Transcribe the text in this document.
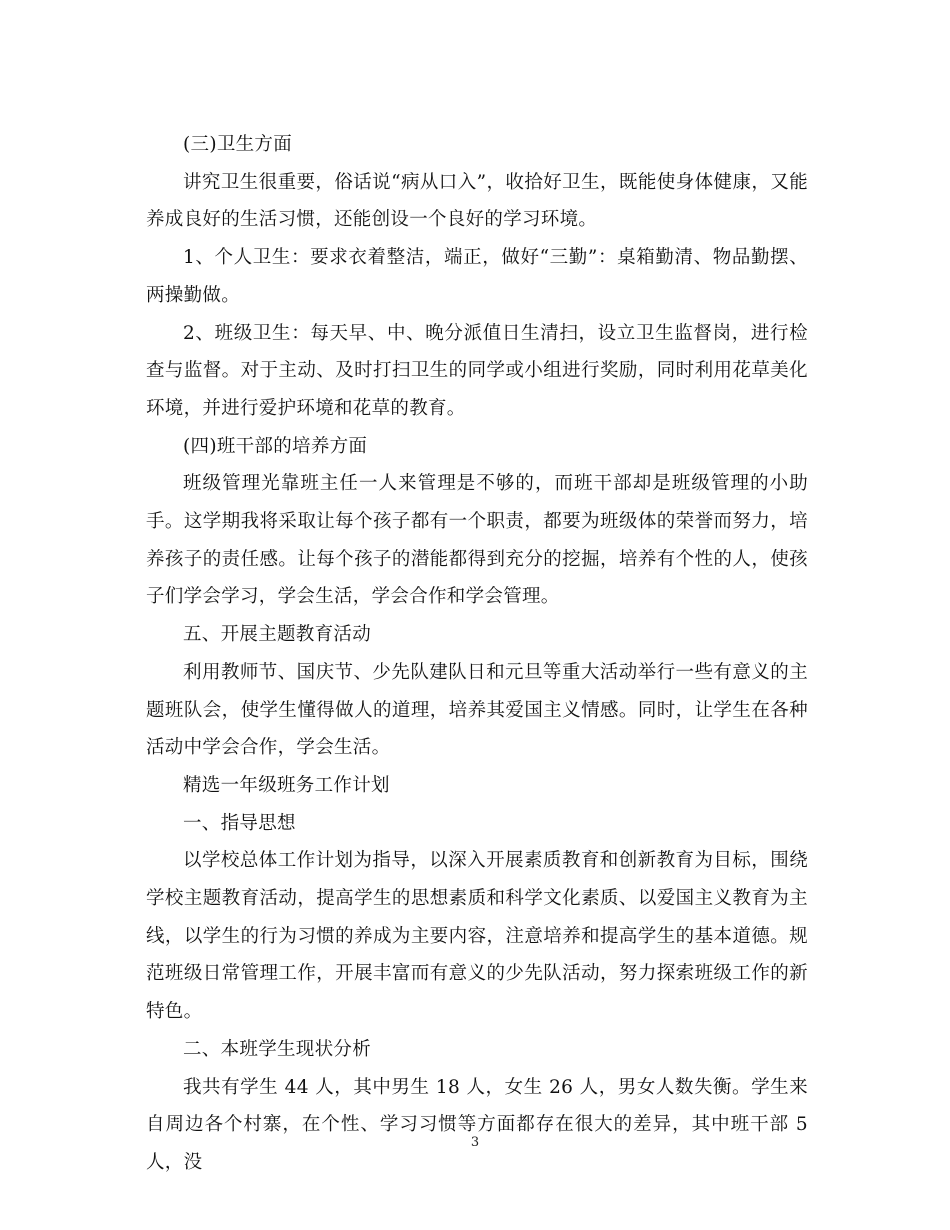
(三)卫生方面

讲究卫生很重要，俗话说“病从口入”，收拾好卫生，既能使身体健康，又能养成良好的生活习惯，还能创设一个良好的学习环境。

1、个人卫生：要求衣着整洁，端正，做好“三勤”：桌箱勤清、物品勤摆、两操勤做。

2、班级卫生：每天早、中、晚分派值日生清扫，设立卫生监督岗，进行检查与监督。对于主动、及时打扫卫生的同学或小组进行奖励，同时利用花草美化环境，并进行爱护环境和花草的教育。

(四)班干部的培养方面

班级管理光靠班主任一人来管理是不够的，而班干部却是班级管理的小助手。这学期我将采取让每个孩子都有一个职责，都要为班级体的荣誉而努力，培养孩子的责任感。让每个孩子的潜能都得到充分的挖掘，培养有个性的人，使孩子们学会学习，学会生活，学会合作和学会管理。

五、开展主题教育活动

利用教师节、国庆节、少先队建队日和元旦等重大活动举行一些有意义的主题班队会，使学生懂得做人的道理，培养其爱国主义情感。同时，让学生在各种活动中学会合作，学会生活。

精选一年级班务工作计划

一、指导思想

以学校总体工作计划为指导，以深入开展素质教育和创新教育为目标，围绕学校主题教育活动，提高学生的思想素质和科学文化素质、以爱国主义教育为主线，以学生的行为习惯的养成为主要内容，注意培养和提高学生的基本道德。规范班级日常管理工作，开展丰富而有意义的少先队活动，努力探索班级工作的新特色。

二、本班学生现状分析

我共有学生 44 人，其中男生 18 人，女生 26 人，男女人数失衡。学生来自周边各个村寨，在个性、学习习惯等方面都存在很大的差异，其中班干部 5 人，没

3
